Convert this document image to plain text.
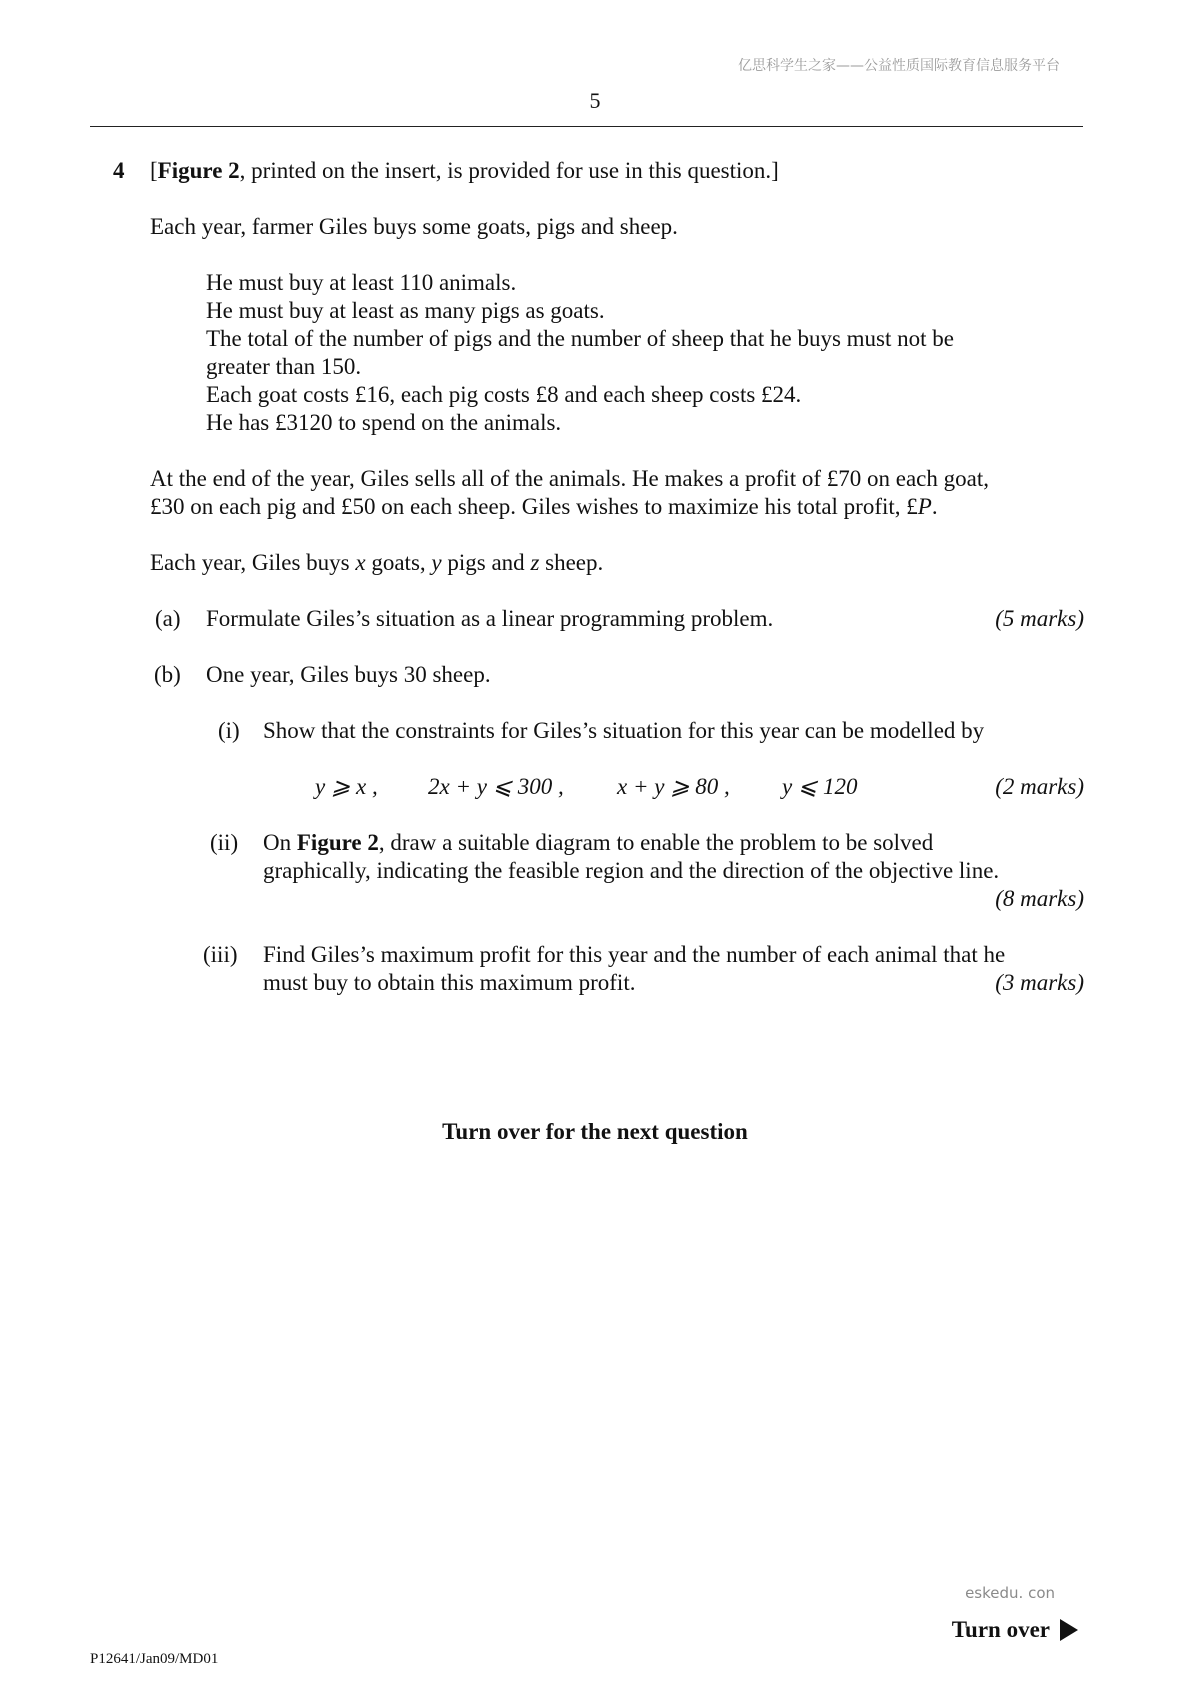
亿思科学生之家——公益性质国际教育信息服务平台
5
4 [Figure 2, printed on the insert, is provided for use in this question.]
Each year, farmer Giles buys some goats, pigs and sheep.
He must buy at least 110 animals.
He must buy at least as many pigs as goats.
The total of the number of pigs and the number of sheep that he buys must not be
greater than 150.
Each goat costs £16, each pig costs £8 and each sheep costs £24.
He has £3120 to spend on the animals.
At the end of the year, Giles sells all of the animals. He makes a profit of £70 on each goat,
£30 on each pig and £50 on each sheep. Giles wishes to maximize his total profit, £P.
Each year, Giles buys x goats, y pigs and z sheep.
(a) Formulate Giles’s situation as a linear programming problem.	(5 marks)
(b) One year, Giles buys 30 sheep.
(i) Show that the constraints for Giles’s situation for this year can be modelled by
y ⩾ x , 2x + y ⩽ 300 , x + y ⩾ 80 , y ⩽ 120	(2 marks)
(ii) On Figure 2, draw a suitable diagram to enable the problem to be solved
graphically, indicating the feasible region and the direction of the objective line.
(8 marks)
(iii) Find Giles’s maximum profit for this year and the number of each animal that he
must buy to obtain this maximum profit.	(3 marks)
Turn over for the next question
eskedu. con
Turn over
P12641/Jan09/MD01
